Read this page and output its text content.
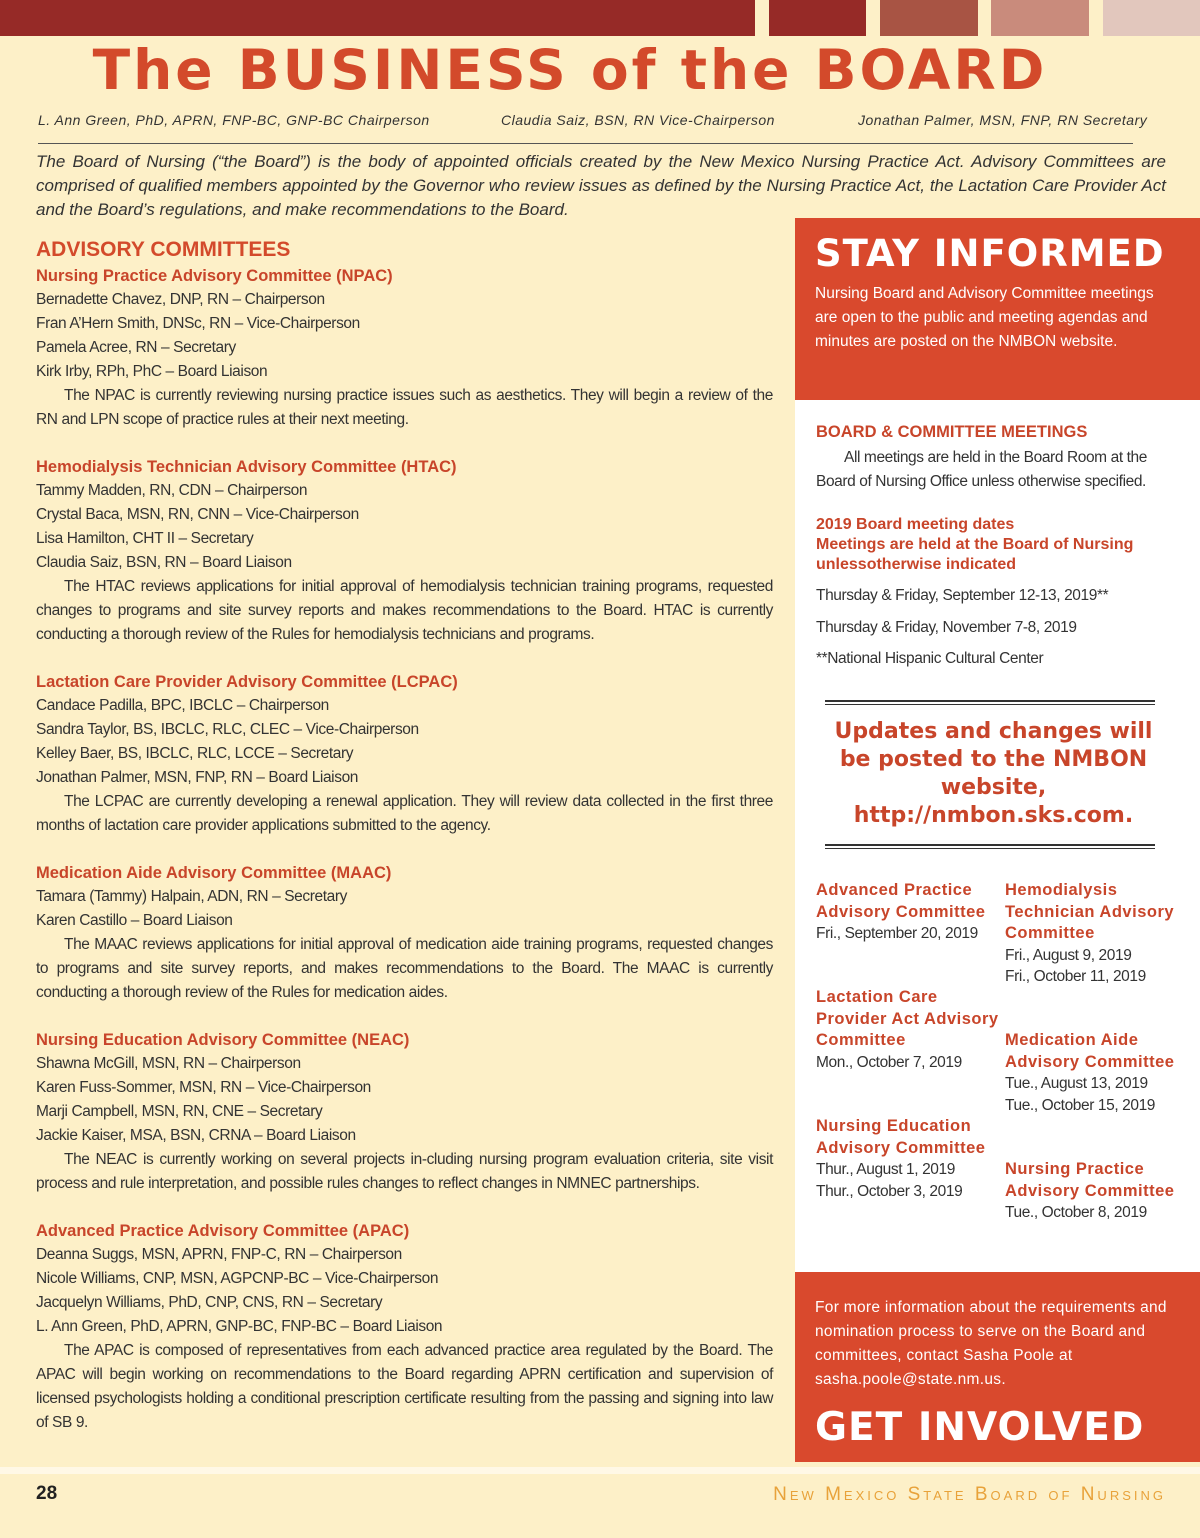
The BUSINESS of the BOARD
L. Ann Green, PhD, APRN, FNP-BC, GNP-BC Chairperson	Claudia Saiz, BSN, RN Vice-Chairperson	Jonathan Palmer, MSN, FNP, RN Secretary

The Board of Nursing (“the Board”) is the body of appointed officials created by the New Mexico Nursing Practice Act. Advisory Committees are comprised of qualified members appointed by the Governor who review issues as defined by the Nursing Practice Act, the Lactation Care Provider Act and the Board’s regulations, and make recommendations to the Board.

ADVISORY COMMITTEES
Nursing Practice Advisory Committee (NPAC)
Bernadette Chavez, DNP, RN – Chairperson
Fran A’Hern Smith, DNSc, RN – Vice-Chairperson
Pamela Acree, RN – Secretary
Kirk Irby, RPh, PhC – Board Liaison

The NPAC is currently reviewing nursing practice issues such as aesthetics. They will begin a review of the RN and LPN scope of practice rules at their next meeting.

Hemodialysis Technician Advisory Committee (HTAC)
Tammy Madden, RN, CDN – Chairperson
Crystal Baca, MSN, RN, CNN – Vice-Chairperson
Lisa Hamilton, CHT II – Secretary
Claudia Saiz, BSN, RN – Board Liaison

The HTAC reviews applications for initial approval of hemodialysis technician training programs, requested changes to programs and site survey reports and makes recommendations to the Board. HTAC is currently conducting a thorough review of the Rules for hemodialysis technicians and programs.

Lactation Care Provider Advisory Committee (LCPAC)
Candace Padilla, BPC, IBCLC – Chairperson
Sandra Taylor, BS, IBCLC, RLC, CLEC – Vice-Chairperson
Kelley Baer, BS, IBCLC, RLC, LCCE – Secretary
Jonathan Palmer, MSN, FNP, RN – Board Liaison

The LCPAC are currently developing a renewal application. They will review data collected in the first three months of lactation care provider applications submitted to the agency.

Medication Aide Advisory Committee (MAAC)
Tamara (Tammy) Halpain, ADN, RN – Secretary
Karen Castillo – Board Liaison

The MAAC reviews applications for initial approval of medication aide training programs, requested changes to programs and site survey reports, and makes recommendations to the Board. The MAAC is currently conducting a thorough review of the Rules for medication aides.

Nursing Education Advisory Committee (NEAC)
Shawna McGill, MSN, RN – Chairperson
Karen Fuss-Sommer, MSN, RN – Vice-Chairperson
Marji Campbell, MSN, RN, CNE – Secretary
Jackie Kaiser, MSA, BSN, CRNA – Board Liaison

The NEAC is currently working on several projects in-cluding nursing program evaluation criteria, site visit process and rule interpretation, and possible rules changes to reflect changes in NMNEC partnerships.

Advanced Practice Advisory Committee (APAC)
Deanna Suggs, MSN, APRN, FNP-C, RN – Chairperson
Nicole Williams, CNP, MSN, AGPCNP-BC – Vice-Chairperson
Jacquelyn Williams, PhD, CNP, CNS, RN – Secretary
L. Ann Green, PhD, APRN, GNP-BC, FNP-BC – Board Liaison

The APAC is composed of representatives from each advanced practice area regulated by the Board. The APAC will begin working on recommendations to the Board regarding APRN certification and supervision of licensed psychologists holding a conditional prescription certificate resulting from the passing and signing into law of SB 9.

STAY INFORMED

Nursing Board and Advisory Committee meetings are open to the public and meeting agendas and minutes are posted on the NMBON website.

BOARD & COMMITTEE MEETINGS

All meetings are held in the Board Room at the Board of Nursing Office unless otherwise specified.

2019 Board meeting dates
Meetings are held at the Board of Nursing unlessotherwise indicated
Thursday & Friday, September 12-13, 2019**
Thursday & Friday, November 7-8, 2019
**National Hispanic Cultural Center
Updates and changes will be posted to the NMBON website, http://nmbon.sks.com.
Advanced Practice Advisory Committee
Fri., September 20, 2019
Lactation Care Provider Act Advisory Committee
Mon., October 7, 2019
Nursing Education Advisory Committee
Thur., August 1, 2019
Thur., October 3, 2019
Hemodialysis Technician Advisory Committee
Fri., August 9, 2019
Fri., October 11, 2019
Medication Aide Advisory Committee
Tue., August 13, 2019
Tue., October 15, 2019
Nursing Practice Advisory Committee
Tue., October 8, 2019

For more information about the requirements and nomination process to serve on the Board and committees, contact Sasha Poole at sasha.poole@state.nm.us.

GET INVOLVED
28	New Mexico State Board of Nursing
